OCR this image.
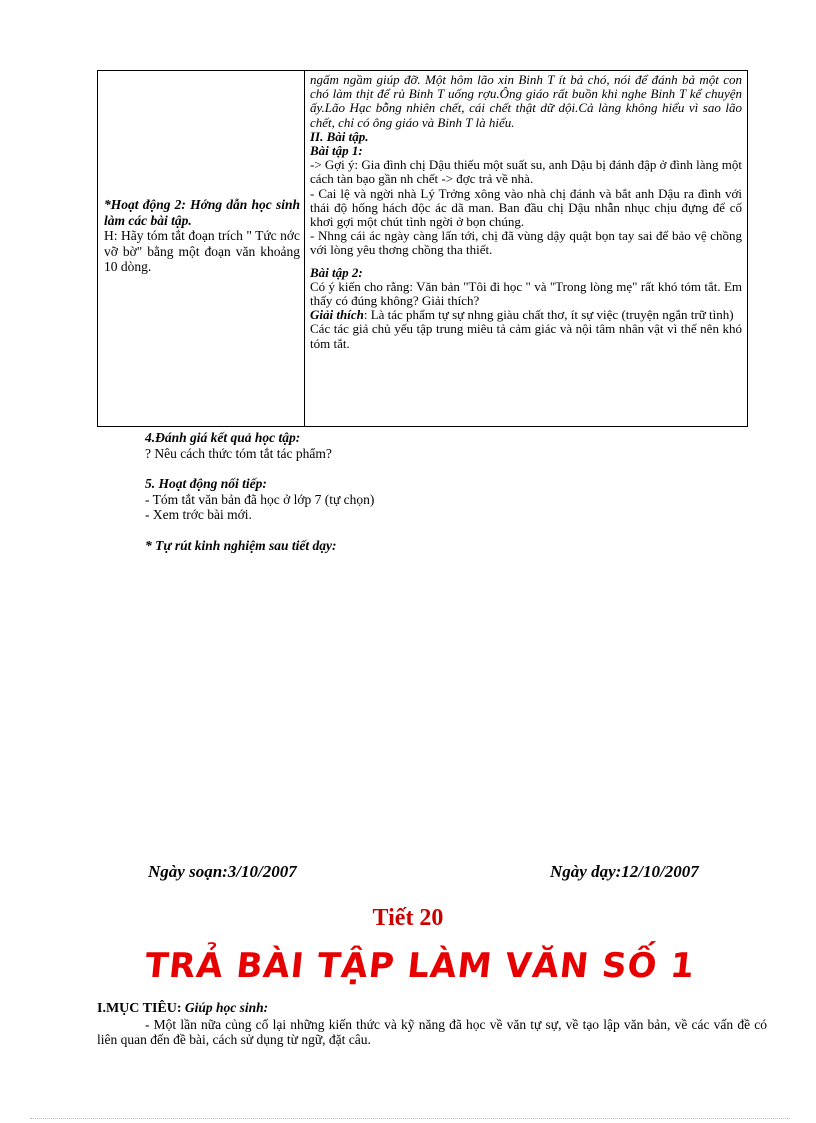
*Hoạt động 2: Hớng dẫn học sinh làm các bài tập.

H: Hãy tóm tắt đoạn trích " Tức nớc vỡ bờ" bằng một đoạn văn khoảng 10 dòng.

ngấm ngầm giúp đỡ. Một hôm lão xin Binh T ít bả chó, nói để đánh bả một con chó làm thịt để rủ Binh T uống rợu.Ông giáo rất buồn khi nghe Binh T kể chuyện ấy.Lão Hạc bỗng nhiên chết, cái chết thật dữ dội.Cả làng không hiểu vì sao lão chết, chỉ có ông giáo và Binh T là hiểu.

II. Bài tập.

Bài tập 1:

-> Gợi ý: Gia đình chị Dậu thiếu một suất su, anh Dậu bị đánh đập ở đình làng một cách tàn bạo gần nh chết -> đợc trả về nhà.

- Cai lệ và ngời nhà Lý Trởng xông vào nhà chị đánh và bắt anh Dậu ra đình với thái độ hống hách độc ác dã man. Ban đầu chị Dậu nhẫn nhục chịu đựng để cố khơi gợi một chút tình ngời ở bọn chúng.

- Nhng cái ác ngày càng lấn tới, chị đã vùng dậy quật bọn tay sai để bảo vệ chồng với lòng yêu thơng chồng tha thiết.

Bài tập 2:

Có ý kiến cho rằng: Văn bản "Tôi đi học " và "Trong lòng mẹ" rất khó tóm tắt. Em thấy có đúng không? Giải thích?

Giải thích: Là tác phẩm tự sự nhng giàu chất thơ, ít sự việc (truyện ngắn trữ tình)

Các tác giả chủ yếu tập trung miêu tả cảm giác và nội tâm nhân vật vì thế nên khó tóm tắt.

4.Đánh giá kết quả học tập:

? Nêu cách thức tóm tắt tác phẩm?

5. Hoạt động nối tiếp:

- Tóm tắt văn bản đã học ở lớp 7 (tự chọn)

- Xem trớc bài mới.

* Tự rút kinh nghiệm sau tiết dạy:

Ngày soạn:3/10/2007	Ngày dạy:12/10/2007
Tiết 20
TRẢ BÀI TẬP LÀM VĂN SỐ 1
I.MỤC TIÊU: Giúp học sinh:
- Một lần nữa củng cố lại những kiến thức và kỹ năng đã học về văn tự sự, về tạo lập văn bản, về các vấn đề có liên quan đến đề bài, cách sử dụng từ ngữ, đặt câu.
